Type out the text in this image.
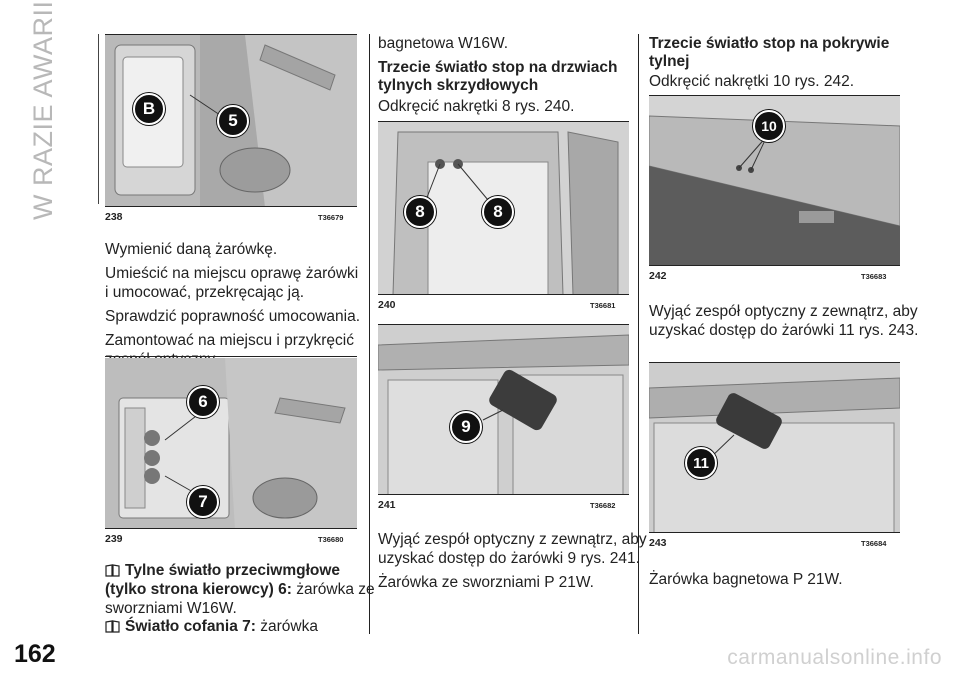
W RAZIE AWARII	B
5
238	T36679

Wymienić daną żarówkę.

Umieścić na miejscu oprawę żarówki

i umocować, przekręcając ją.

Sprawdzić poprawność umocowania.

Zamontować na miejscu i przykręcić

6
7
239	T36680

Tylne światło przeciwmgłowe

(tylko strona kierowcy) 6: żarówka ze

sworzniami W16W.

Światło cofania 7: żarówka

bagnetowa W16W.

Trzecie światło stop na drzwiach

tylnych skrzydłowych

Odkręcić nakrętki 8 rys. 240.

8	8
240	T36681
9
241	T36682

Wyjąć zespół optyczny z zewnątrz, aby

uzyskać dostęp do żarówki 9 rys. 241.

Żarówka ze sworzniami P 21W.

Trzecie światło stop na pokrywie

tylnej

Odkręcić nakrętki 10 rys. 242.

10
242	T36683

Wyjąć zespół optyczny z zewnątrz, aby

uzyskać dostęp do żarówki 11 rys. 243.

11
243	T36684

Żarówka bagnetowa P 21W.

162	carmanualsonline.info
